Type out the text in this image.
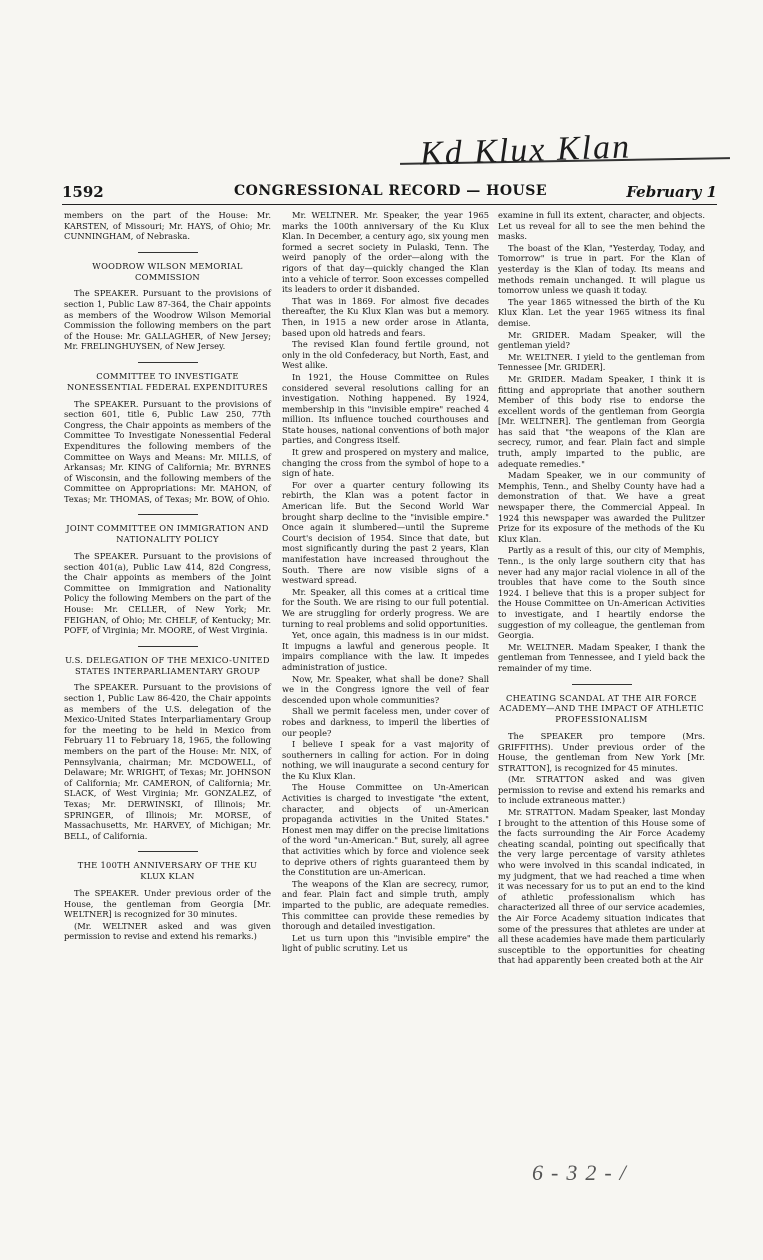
Kd Klux Klan
1592	CONGRESSIONAL RECORD — HOUSE	February 1

members on the part of the House: Mr. KARSTEN, of Missouri; Mr. HAYS, of Ohio; Mr. CUNNINGHAM, of Nebraska.

WOODROW WILSON MEMORIAL COMMISSION

The SPEAKER. Pursuant to the provisions of section 1, Public Law 87-364, the Chair appoints as members of the Woodrow Wilson Memorial Commission the following members on the part of the House: Mr. GALLAGHER, of New Jersey; Mr. FRELINGHUYSEN, of New Jersey.

COMMITTEE TO INVESTIGATE NONESSENTIAL FEDERAL EXPENDITURES

The SPEAKER. Pursuant to the provisions of section 601, title 6, Public Law 250, 77th Congress, the Chair appoints as members of the Committee To Investigate Nonessential Federal Expenditures the following members of the Committee on Ways and Means: Mr. MILLS, of Arkansas; Mr. KING of California; Mr. BYRNES of Wisconsin, and the following members of the Committee on Appropriations: Mr. MAHON, of Texas; Mr. THOMAS, of Texas; Mr. BOW, of Ohio.

JOINT COMMITTEE ON IMMIGRATION AND NATIONALITY POLICY

The SPEAKER. Pursuant to the provisions of section 401(a), Public Law 414, 82d Congress, the Chair appoints as members of the Joint Committee on Immigration and Nationality Policy the following Members on the part of the House: Mr. CELLER, of New York; Mr. FEIGHAN, of Ohio; Mr. CHELF, of Kentucky; Mr. POFF, of Virginia; Mr. MOORE, of West Virginia.

U.S. DELEGATION OF THE MEXICO-UNITED STATES INTERPARLIAMENTARY GROUP

The SPEAKER. Pursuant to the provisions of section 1, Public Law 86-420, the Chair appoints as members of the U.S. delegation of the Mexico-United States Interparliamentary Group for the meeting to be held in Mexico from February 11 to February 18, 1965, the following members on the part of the House: Mr. NIX, of Pennsylvania, chairman; Mr. MCDOWELL, of Delaware; Mr. WRIGHT, of Texas; Mr. JOHNSON of California; Mr. CAMERON, of California; Mr. SLACK, of West Virginia; Mr. GONZALEZ, of Texas; Mr. DERWINSKI, of Illinois; Mr. SPRINGER, of Illinois; Mr. MORSE, of Massachusetts, Mr. HARVEY, of Michigan; Mr. BELL, of California.

THE 100TH ANNIVERSARY OF THE KU KLUX KLAN

The SPEAKER. Under previous order of the House, the gentleman from Georgia [Mr. WELTNER] is recognized for 30 minutes.

(Mr. WELTNER asked and was given permission to revise and extend his remarks.)

Mr. WELTNER. Mr. Speaker, the year 1965 marks the 100th anniversary of the Ku Klux Klan. In December, a century ago, six young men formed a secret society in Pulaski, Tenn. The weird panoply of the order—along with the rigors of that day—quickly changed the Klan into a vehicle of terror. Soon excesses compelled its leaders to order it disbanded.

That was in 1869. For almost five decades thereafter, the Ku Klux Klan was but a memory. Then, in 1915 a new order arose in Atlanta, based upon old hatreds and fears.

The revised Klan found fertile ground, not only in the old Confederacy, but North, East, and West alike.

In 1921, the House Committee on Rules considered several resolutions calling for an investigation. Nothing happened. By 1924, membership in this "invisible empire" reached 4 million. Its influence touched courthouses and State houses, national conventions of both major parties, and Congress itself.

It grew and prospered on mystery and malice, changing the cross from the symbol of hope to a sign of hate.

For over a quarter century following its rebirth, the Klan was a potent factor in American life. But the Second World War brought sharp decline to the "invisible empire." Once again it slumbered—until the Supreme Court's decision of 1954. Since that date, but most significantly during the past 2 years, Klan manifestation have increased throughout the South. There are now visible signs of a westward spread.

Mr. Speaker, all this comes at a critical time for the South. We are rising to our full potential. We are struggling for orderly progress. We are turning to real problems and solid opportunities.

Yet, once again, this madness is in our midst. It impugns a lawful and generous people. It impairs compliance with the law. It impedes administration of justice.

Now, Mr. Speaker, what shall be done? Shall we in the Congress ignore the veil of fear descended upon whole communities?

Shall we permit faceless men, under cover of robes and darkness, to imperil the liberties of our people?

I believe I speak for a vast majority of southerners in calling for action. For in doing nothing, we will inaugurate a second century for the Ku Klux Klan.

The House Committee on Un-American Activities is charged to investigate "the extent, character, and objects of un-American propaganda activities in the United States." Honest men may differ on the precise limitations of the word "un-American." But, surely, all agree that activities which by force and violence seek to deprive others of rights guaranteed them by the Constitution are un-American.

The weapons of the Klan are secrecy, rumor, and fear. Plain fact and simple truth, amply imparted to the public, are adequate remedies. This committee can provide these remedies by thorough and detailed investigation.

Let us turn upon this "invisible empire" the light of public scrutiny. Let us

examine in full its extent, character, and objects. Let us reveal for all to see the men behind the masks.

The boast of the Klan, "Yesterday, Today, and Tomorrow" is true in part. For the Klan of yesterday is the Klan of today. Its means and methods remain unchanged. It will plague us tomorrow unless we quash it today.

The year 1865 witnessed the birth of the Ku Klux Klan. Let the year 1965 witness its final demise.

Mr. GRIDER. Madam Speaker, will the gentleman yield?

Mr. WELTNER. I yield to the gentleman from Tennessee [Mr. GRIDER].

Mr. GRIDER. Madam Speaker, I think it is fitting and appropriate that another southern Member of this body rise to endorse the excellent words of the gentleman from Georgia [Mr. WELTNER]. The gentleman from Georgia has said that "the weapons of the Klan are secrecy, rumor, and fear. Plain fact and simple truth, amply imparted to the public, are adequate remedies."

Madam Speaker, we in our community of Memphis, Tenn., and Shelby County have had a demonstration of that. We have a great newspaper there, the Commercial Appeal. In 1924 this newspaper was awarded the Pulitzer Prize for its exposure of the methods of the Ku Klux Klan.

Partly as a result of this, our city of Memphis, Tenn., is the only large southern city that has never had any major racial violence in all of the troubles that have come to the South since 1924. I believe that this is a proper subject for the House Committee on Un-American Activities to investigate, and I heartily endorse the suggestion of my colleague, the gentleman from Georgia.

Mr. WELTNER. Madam Speaker, I thank the gentleman from Tennessee, and I yield back the remainder of my time.

CHEATING SCANDAL AT THE AIR FORCE ACADEMY—AND THE IMPACT OF ATHLETIC PROFESSIONALISM

The SPEAKER pro tempore (Mrs. GRIFFITHS). Under previous order of the House, the gentleman from New York [Mr. STRATTON], is recognized for 45 minutes.

(Mr. STRATTON asked and was given permission to revise and extend his remarks and to include extraneous matter.)

Mr. STRATTON. Madam Speaker, last Monday I brought to the attention of this House some of the facts surrounding the Air Force Academy cheating scandal, pointing out specifically that the very large percentage of varsity athletes who were involved in this scandal indicated, in my judgment, that we had reached a time when it was necessary for us to put an end to the kind of athletic professionalism which has characterized all three of our service academies, the Air Force Academy situation indicates that some of the pressures that athletes are under at all these academies have made them particularly susceptible to the opportunities for cheating that had apparently been created both at the Air

6-32-/
